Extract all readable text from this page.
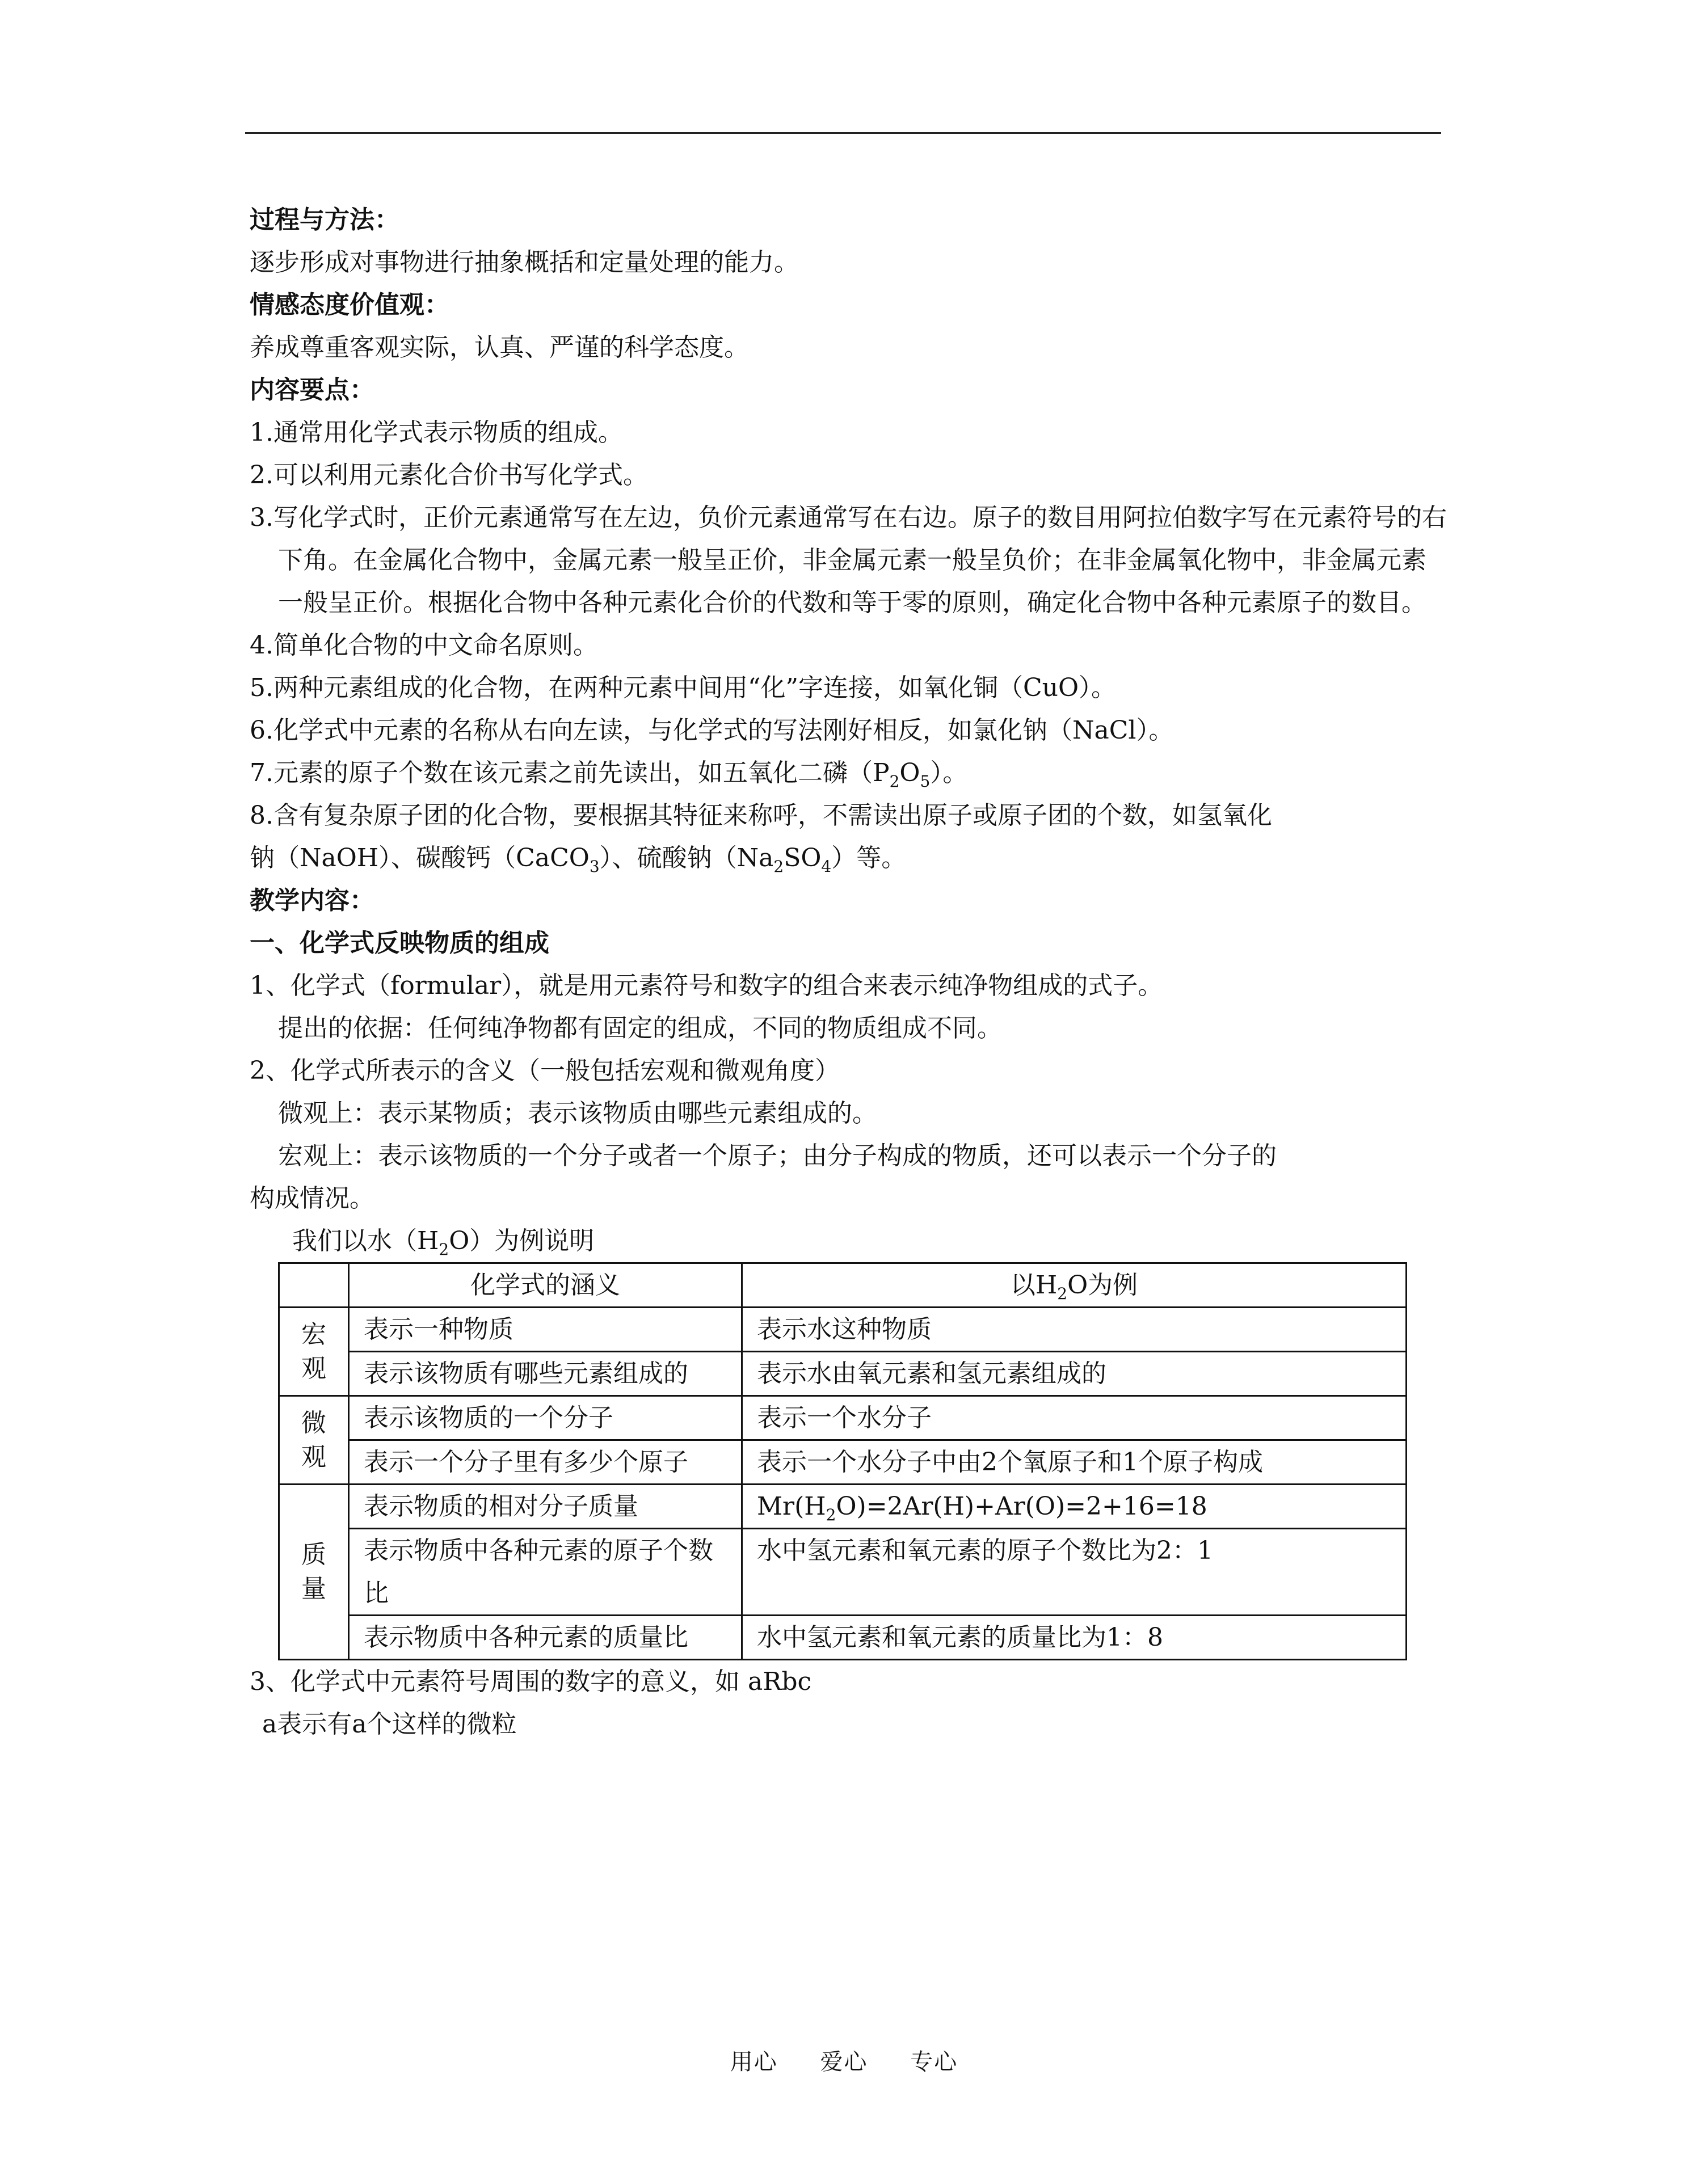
过程与方法：
逐步形成对事物进行抽象概括和定量处理的能力。
情感态度价值观：
养成尊重客观实际，认真、严谨的科学态度。
内容要点：
1.通常用化学式表示物质的组成。
2.可以利用元素化合价书写化学式。
3.写化学式时，正价元素通常写在左边，负价元素通常写在右边。原子的数目用阿拉伯数字写在元素符号的右下角。在金属化合物中，金属元素一般呈正价，非金属元素一般呈负价；在非金属氧化物中，非金属元素一般呈正价。根据化合物中各种元素化合价的代数和等于零的原则，确定化合物中各种元素原子的数目。
4.简单化合物的中文命名原则。
5.两种元素组成的化合物，在两种元素中间用“化”字连接，如氧化铜（CuO）。
6.化学式中元素的名称从右向左读，与化学式的写法刚好相反，如氯化钠（NaCl）。
7.元素的原子个数在该元素之前先读出，如五氧化二磷$(P_2O_5)$。
8.含有复杂原子团的化合物，要根据其特征来称呼，不需读出原子或原子团的个数，如氢氧化
钠（NaOH）、碳酸钙（CaCO$_3$）、硫酸钠$(Na_2SO_4)$等。
教学内容：
一、化学式反映物质的组成
1、化学式（formular），就是用元素符号和数字的组合来表示纯净物组成的式子。
提出的依据：任何纯净物都有固定的组成，不同的物质组成不同。
2、化学式所表示的含义（一般包括宏观和微观角度）
微观上：表示某物质；表示该物质由哪些元素组成的。
宏观上：表示该物质的一个分子或者一个原子；由分子构成的物质，还可以表示一个分子的
构成情况。
我们以水$(H_2O)$为例说明
	化学式的涵义	以$H_2O$为例
宏观	表示一种物质	表示水这种物质
	表示该物质有哪些元素组成的	表示水由氧元素和氢元素组成的
微观	表示该物质的一个分子	表示一个水分子
	表示一个分子里有多少个原子	表示一个水分子中由2个氧原子和1个原子构成
质量	表示物质的相对分子质量	$Mr(H_2O)=2Ar(H)+Ar(O)=2+16=18$
	表示物质中各种元素的原子个数比	水中氢元素和氧元素的原子个数比为2：1
	表示物质中各种元素的质量比	水中氢元素和氧元素的质量比为1：8
3、化学式中元素符号周围的数字的意义，如 aRbc
a表示有a个这样的微粒
用心 爱心 专心
